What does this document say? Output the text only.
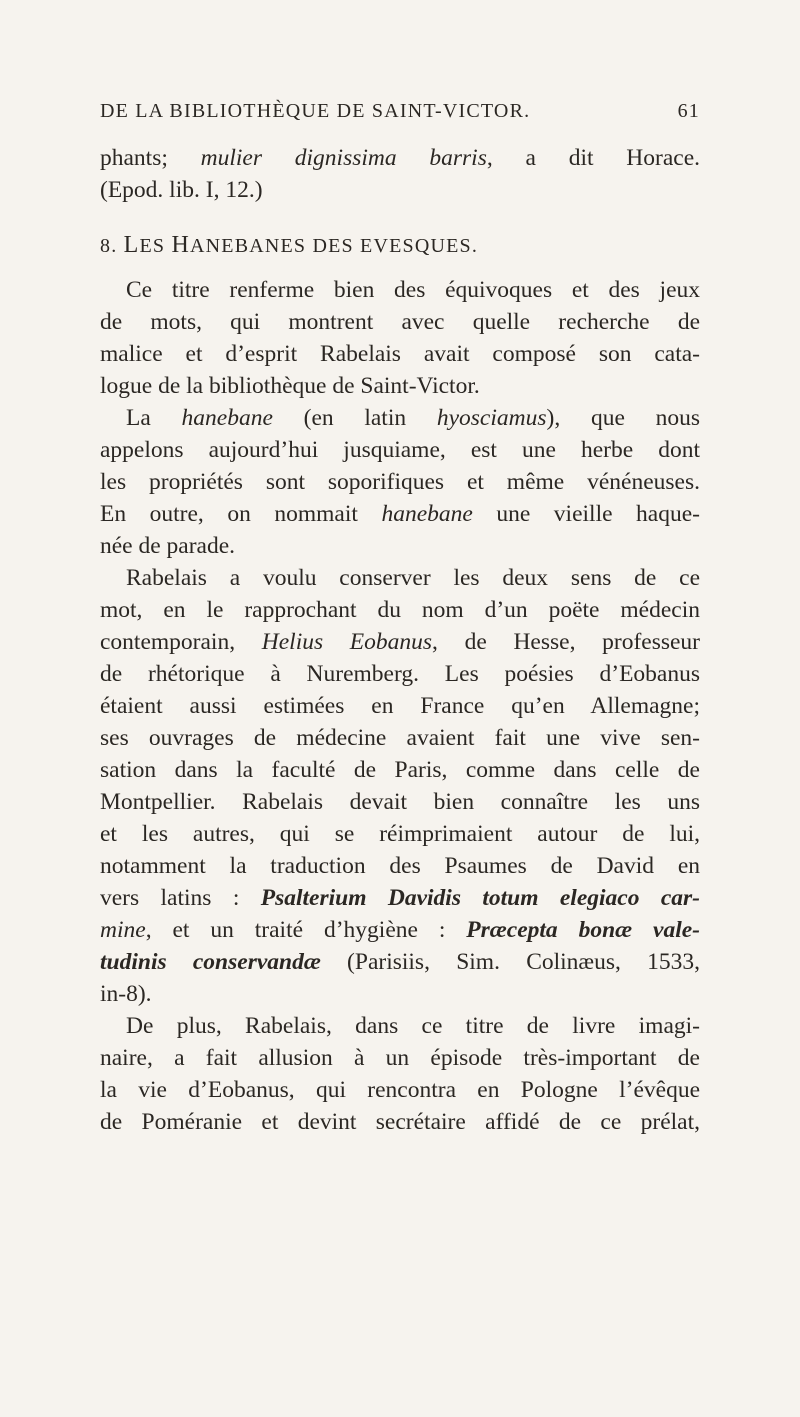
DE LA BIBLIOTHÈQUE DE SAINT-VICTOR.	61
phants; mulier dignissima barris, a dit Horace.
(Epod. lib. I, 12.)
8. LES HANEBANES DES EVESQUES.
Ce titre renferme bien des équivoques et des jeux
de mots, qui montrent avec quelle recherche de
malice et d’esprit Rabelais avait composé son cata-
logue de la bibliothèque de Saint-Victor.
La hanebane (en latin hyosciamus), que nous
appelons aujourd’hui jusquiame, est une herbe dont
les propriétés sont soporifiques et même vénéneuses.
En outre, on nommait hanebane une vieille haque-
née de parade.
Rabelais a voulu conserver les deux sens de ce
mot, en le rapprochant du nom d’un poëte médecin
contemporain, Helius Eobanus, de Hesse, professeur
de rhétorique à Nuremberg. Les poésies d’Eobanus
étaient aussi estimées en France qu’en Allemagne;
ses ouvrages de médecine avaient fait une vive sen-
sation dans la faculté de Paris, comme dans celle de
Montpellier. Rabelais devait bien connaître les uns
et les autres, qui se réimprimaient autour de lui,
notamment la traduction des Psaumes de David en
vers latins : Psalterium Davidis totum elegiaco car-
mine, et un traité d’hygiène : Præcepta bonæ vale-
tudinis conservandæ (Parisiis, Sim. Colinæus, 1533,
in-8).
De plus, Rabelais, dans ce titre de livre imagi-
naire, a fait allusion à un épisode très-important de
la vie d’Eobanus, qui rencontra en Pologne l’évêque
de Poméranie et devint secrétaire affidé de ce prélat,
